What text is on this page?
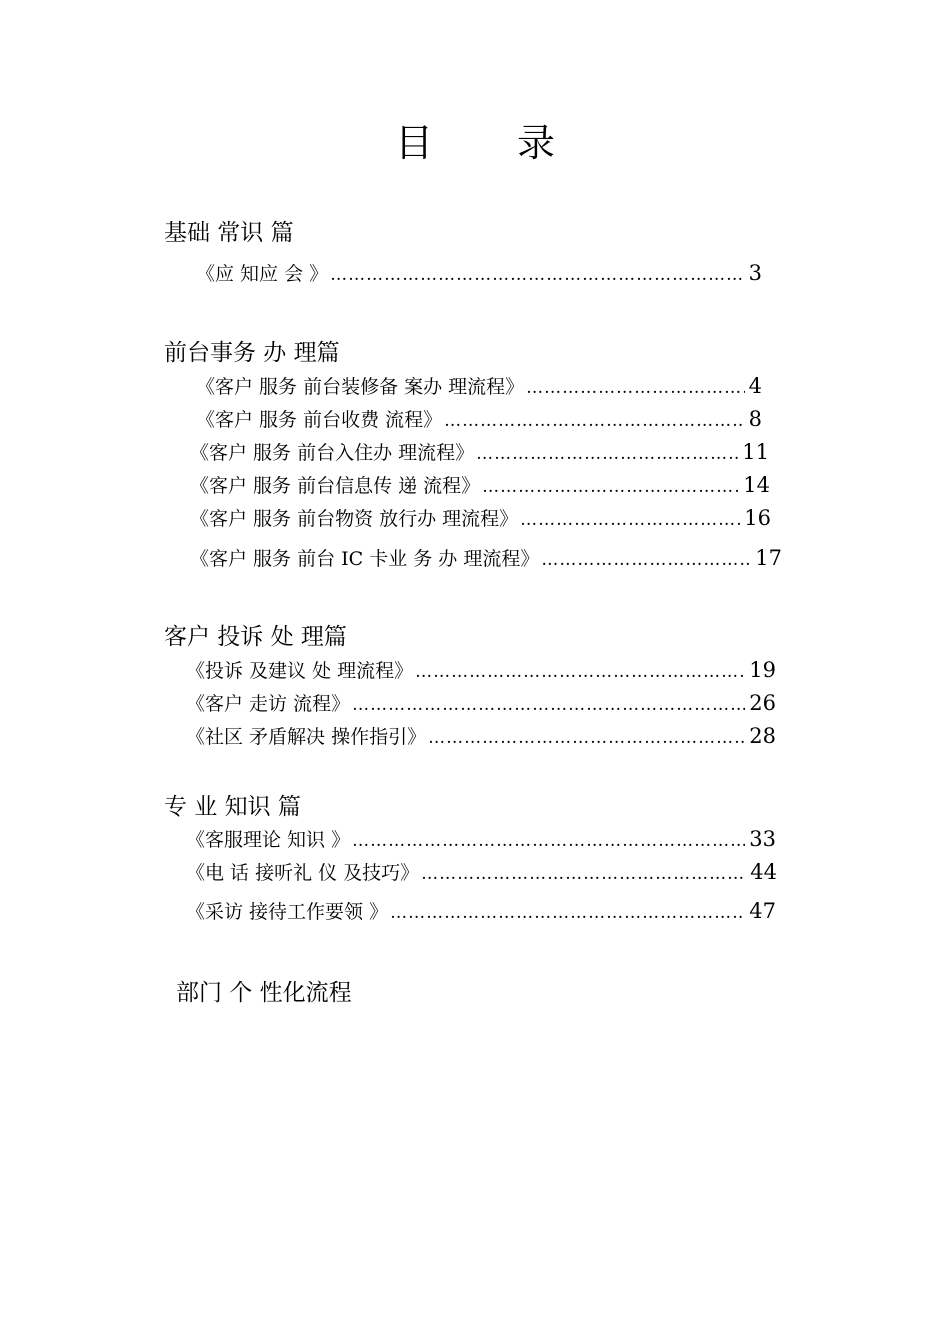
目 录
基础 常识 篇
《应 知应 会 》 ……………………………………………………………………………………………………………………………………………………	3
前台事务 办 理篇
《客户 服务 前台装修备 案办 理流程》 ……………………………………………………………………………………………………………………………………………………	4
《客户 服务 前台收费 流程》 ……………………………………………………………………………………………………………………………………………………	8
《客户 服务 前台入住办 理流程》 ……………………………………………………………………………………………………………………………………………………	11
《客户 服务 前台信息传 递 流程》 ……………………………………………………………………………………………………………………………………………………	14
《客户 服务 前台物资 放行办 理流程》 ……………………………………………………………………………………………………………………………………………………	16
《客户 服务 前台 IC 卡业 务 办 理流程》 ……………………………………………………………………………………………………………………………………………………	17
客户 投诉 处 理篇
《投诉 及建议 处 理流程》 ……………………………………………………………………………………………………………………………………………………	19
《客户 走访 流程》 ……………………………………………………………………………………………………………………………………………………	26
《社区 矛盾解决 操作指引》 ……………………………………………………………………………………………………………………………………………………	28
专 业 知识 篇
《客服理论 知识 》 ……………………………………………………………………………………………………………………………………………………	33
《电 话 接听礼 仪 及技巧》 ……………………………………………………………………………………………………………………………………………………	44
《采访 接待工作要领 》 ……………………………………………………………………………………………………………………………………………………	47
部门 个 性化流程
